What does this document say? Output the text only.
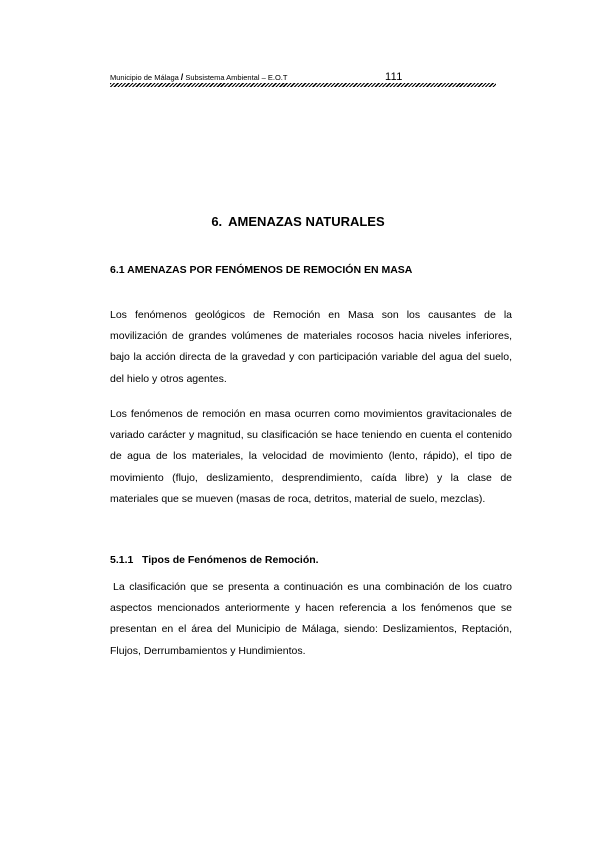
Municipio de Málaga / Subsistema Ambiental – E.O.T	111
6. AMENAZAS NATURALES
6.1 AMENAZAS POR FENÓMENOS DE REMOCIÓN EN MASA
Los fenómenos geológicos de Remoción en Masa son los causantes de la movilización de grandes volúmenes de materiales rocosos hacia niveles inferiores, bajo la acción directa de la gravedad y con participación variable del agua del suelo, del hielo y otros agentes.
Los fenómenos de remoción en masa ocurren como movimientos gravitacionales de variado carácter y magnitud, su clasificación se hace teniendo en cuenta el contenido de agua de los materiales, la velocidad de movimiento (lento, rápido), el tipo de movimiento (flujo, deslizamiento, desprendimiento, caída libre) y la clase de materiales que se mueven (masas de roca, detritos, material de suelo, mezclas).
5.1.1 Tipos de Fenómenos de Remoción.
La clasificación que se presenta a continuación es una combinación de los cuatro aspectos mencionados anteriormente y hacen referencia a los fenómenos que se presentan en el área del Municipio de Málaga, siendo: Deslizamientos, Reptación, Flujos, Derrumbamientos y Hundimientos.
